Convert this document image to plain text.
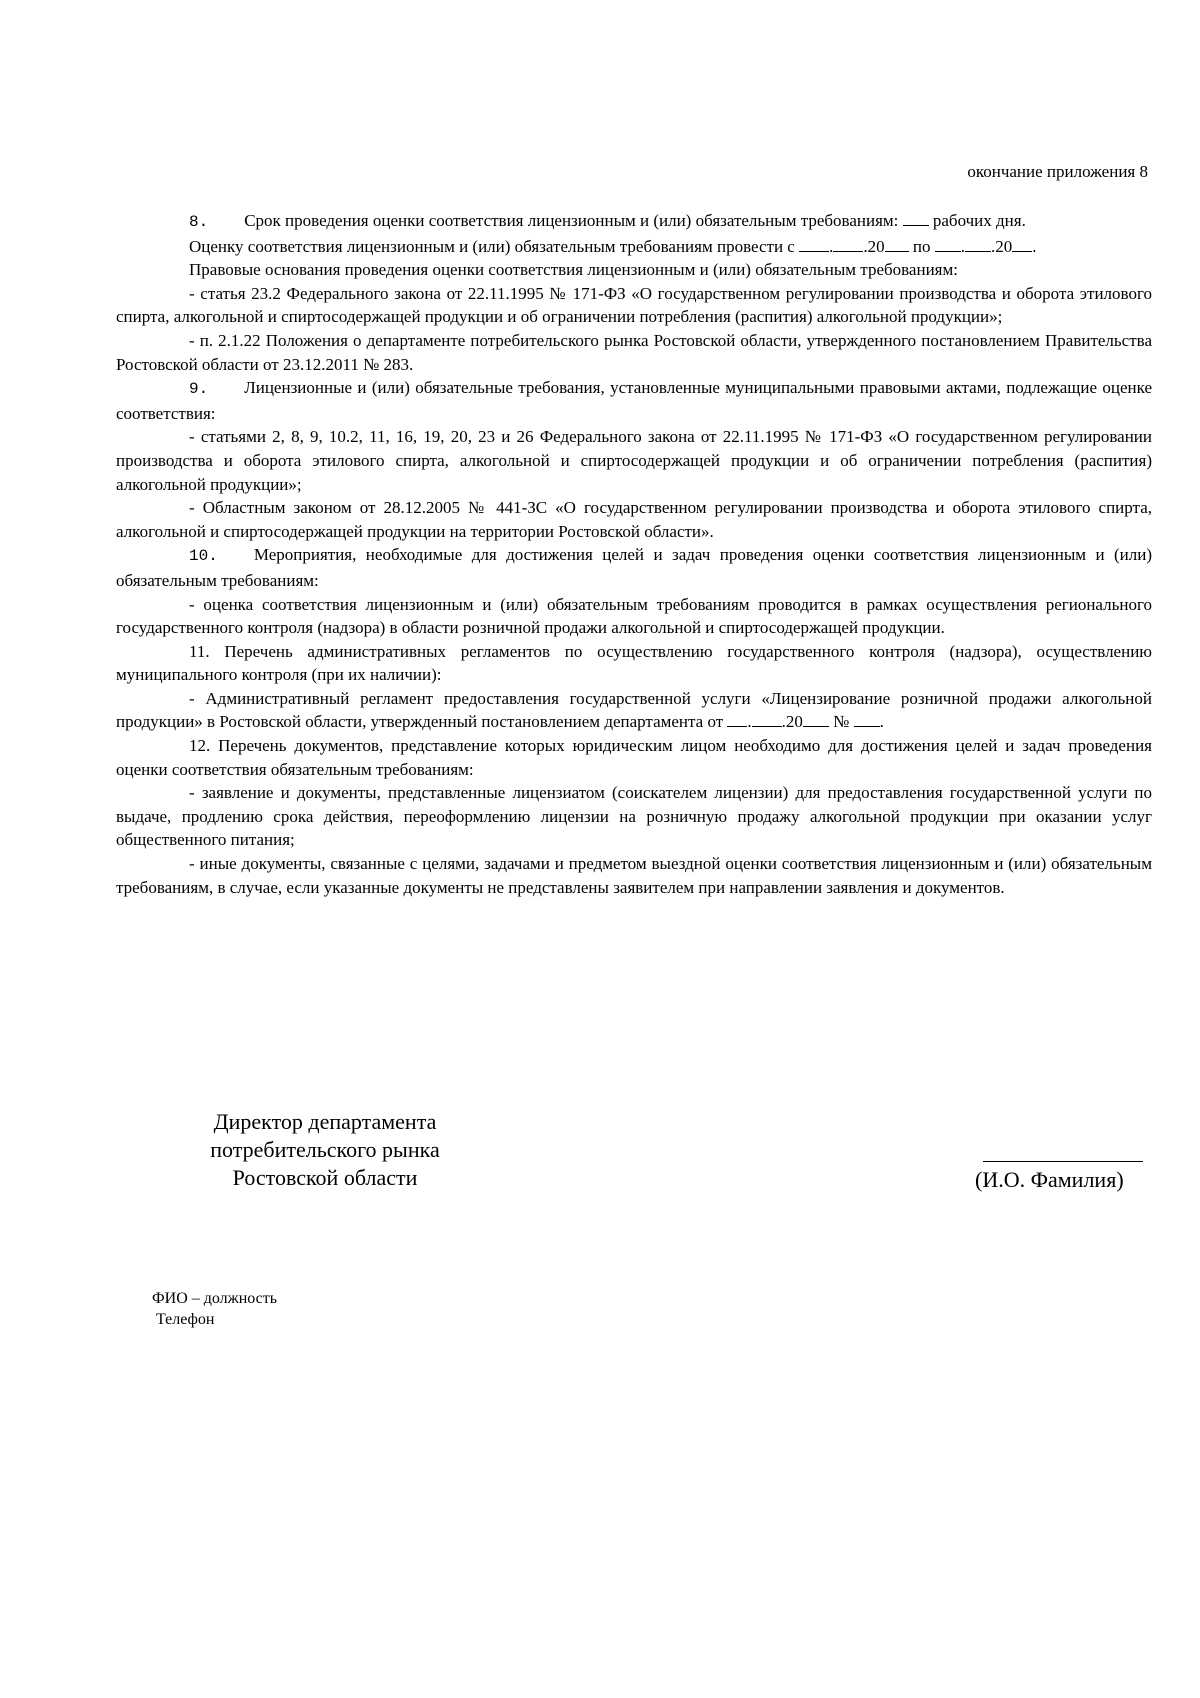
окончание приложения 8

8. Срок проведения оценки соответствия лицензионным и (или) обязательным требованиям: рабочих дня.

Оценку соответствия лицензионным и (или) обязательным требованиям провести с . .20 по . .20 .

Правовые основания проведения оценки соответствия лицензионным и (или) обязательным требованиям:

- статья 23.2 Федерального закона от 22.11.1995 № 171-ФЗ «О государственном регулировании производства и оборота этилового спирта, алкогольной и спиртосодержащей продукции и об ограничении потребления (распития) алкогольной продукции»;

- п. 2.1.22 Положения о департаменте потребительского рынка Ростовской области, утвержденного постановлением Правительства Ростовской области от 23.12.2011 № 283.

9. Лицензионные и (или) обязательные требования, установленные муниципальными правовыми актами, подлежащие оценке соответствия:

- статьями 2, 8, 9, 10.2, 11, 16, 19, 20, 23 и 26 Федерального закона от 22.11.1995 № 171-ФЗ «О государственном регулировании производства и оборота этилового спирта, алкогольной и спиртосодержащей продукции и об ограничении потребления (распития) алкогольной продукции»;

- Областным законом от 28.12.2005 № 441-ЗС «О государственном регулировании производства и оборота этилового спирта, алкогольной и спиртосодержащей продукции на территории Ростовской области».

10. Мероприятия, необходимые для достижения целей и задач проведения оценки соответствия лицензионным и (или) обязательным требованиям:

- оценка соответствия лицензионным и (или) обязательным требованиям проводится в рамках осуществления регионального государственного контроля (надзора) в области розничной продажи алкогольной и спиртосодержащей продукции.

11. Перечень административных регламентов по осуществлению государственного контроля (надзора), осуществлению муниципального контроля (при их наличии):

- Административный регламент предоставления государственной услуги «Лицензирование розничной продажи алкогольной продукции» в Ростовской области, утвержденный постановлением департамента от . .20 № .

12. Перечень документов, представление которых юридическим лицом необходимо для достижения целей и задач проведения оценки соответствия обязательным требованиям:

- заявление и документы, представленные лицензиатом (соискателем лицензии) для предоставления государственной услуги по выдаче, продлению срока действия, переоформлению лицензии на розничную продажу алкогольной продукции при оказании услуг общественного питания;

- иные документы, связанные с целями, задачами и предметом выездной оценки соответствия лицензионным и (или) обязательным требованиям, в случае, если указанные документы не представлены заявителем при направлении заявления и документов.

Директор департамента
потребительского рынка
Ростовской области	(И.О. Фамилия)
ФИО – должность
Телефон
